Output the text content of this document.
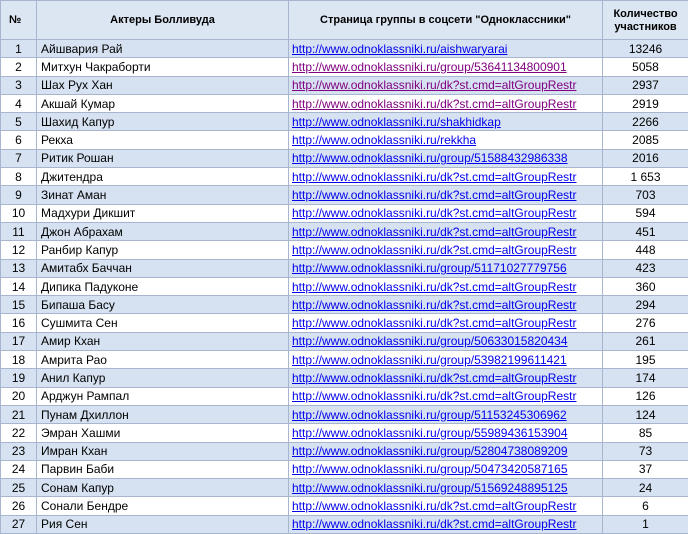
№	Актеры Болливуда	Страница группы в соцсети "Одноклассники"	Количество участников

1	Айшвария Рай	http://www.odnoklassniki.ru/aishwaryarai	13246
2	Митхун Чакраборти	http://www.odnoklassniki.ru/group/53641134800901	5058
3	Шах Рух Хан	http://www.odnoklassniki.ru/dk?st.cmd=altGroupRestr	2937
4	Акшай Кумар	http://www.odnoklassniki.ru/dk?st.cmd=altGroupRestr	2919
5	Шахид Капур	http://www.odnoklassniki.ru/shakhidkap	2266
6	Рекха	http://www.odnoklassniki.ru/rekkha	2085
7	Ритик Рошан	http://www.odnoklassniki.ru/group/51588432986338	2016
8	Джитендра	http://www.odnoklassniki.ru/dk?st.cmd=altGroupRestr	1 653
9	Зинат Аман	http://www.odnoklassniki.ru/dk?st.cmd=altGroupRestr	703
10	Мадхури Дикшит	http://www.odnoklassniki.ru/dk?st.cmd=altGroupRestr	594
11	Джон Абрахам	http://www.odnoklassniki.ru/dk?st.cmd=altGroupRestr	451
12	Ранбир Капур	http://www.odnoklassniki.ru/dk?st.cmd=altGroupRestr	448
13	Амитабх Баччан	http://www.odnoklassniki.ru/group/51171027779756	423
14	Дипика Падуконе	http://www.odnoklassniki.ru/dk?st.cmd=altGroupRestr	360
15	Бипаша Басу	http://www.odnoklassniki.ru/dk?st.cmd=altGroupRestr	294
16	Сушмита Сен	http://www.odnoklassniki.ru/dk?st.cmd=altGroupRestr	276
17	Амир Кхан	http://www.odnoklassniki.ru/group/50633015820434	261
18	Амрита Рао	http://www.odnoklassniki.ru/group/53982199611421	195
19	Анил Капур	http://www.odnoklassniki.ru/dk?st.cmd=altGroupRestr	174
20	Арджун Рампал	http://www.odnoklassniki.ru/dk?st.cmd=altGroupRestr	126
21	Пунам Дхиллон	http://www.odnoklassniki.ru/group/51153245306962	124
22	Эмран Хашми	http://www.odnoklassniki.ru/group/55989436153904	85
23	Имран Кхан	http://www.odnoklassniki.ru/group/52804738089209	73
24	Парвин Баби	http://www.odnoklassniki.ru/group/50473420587165	37
25	Сонам Капур	http://www.odnoklassniki.ru/group/51569248895125	24
26	Сонали Бендре	http://www.odnoklassniki.ru/dk?st.cmd=altGroupRestr	6
27	Рия Сен	http://www.odnoklassniki.ru/dk?st.cmd=altGroupRestr	1
